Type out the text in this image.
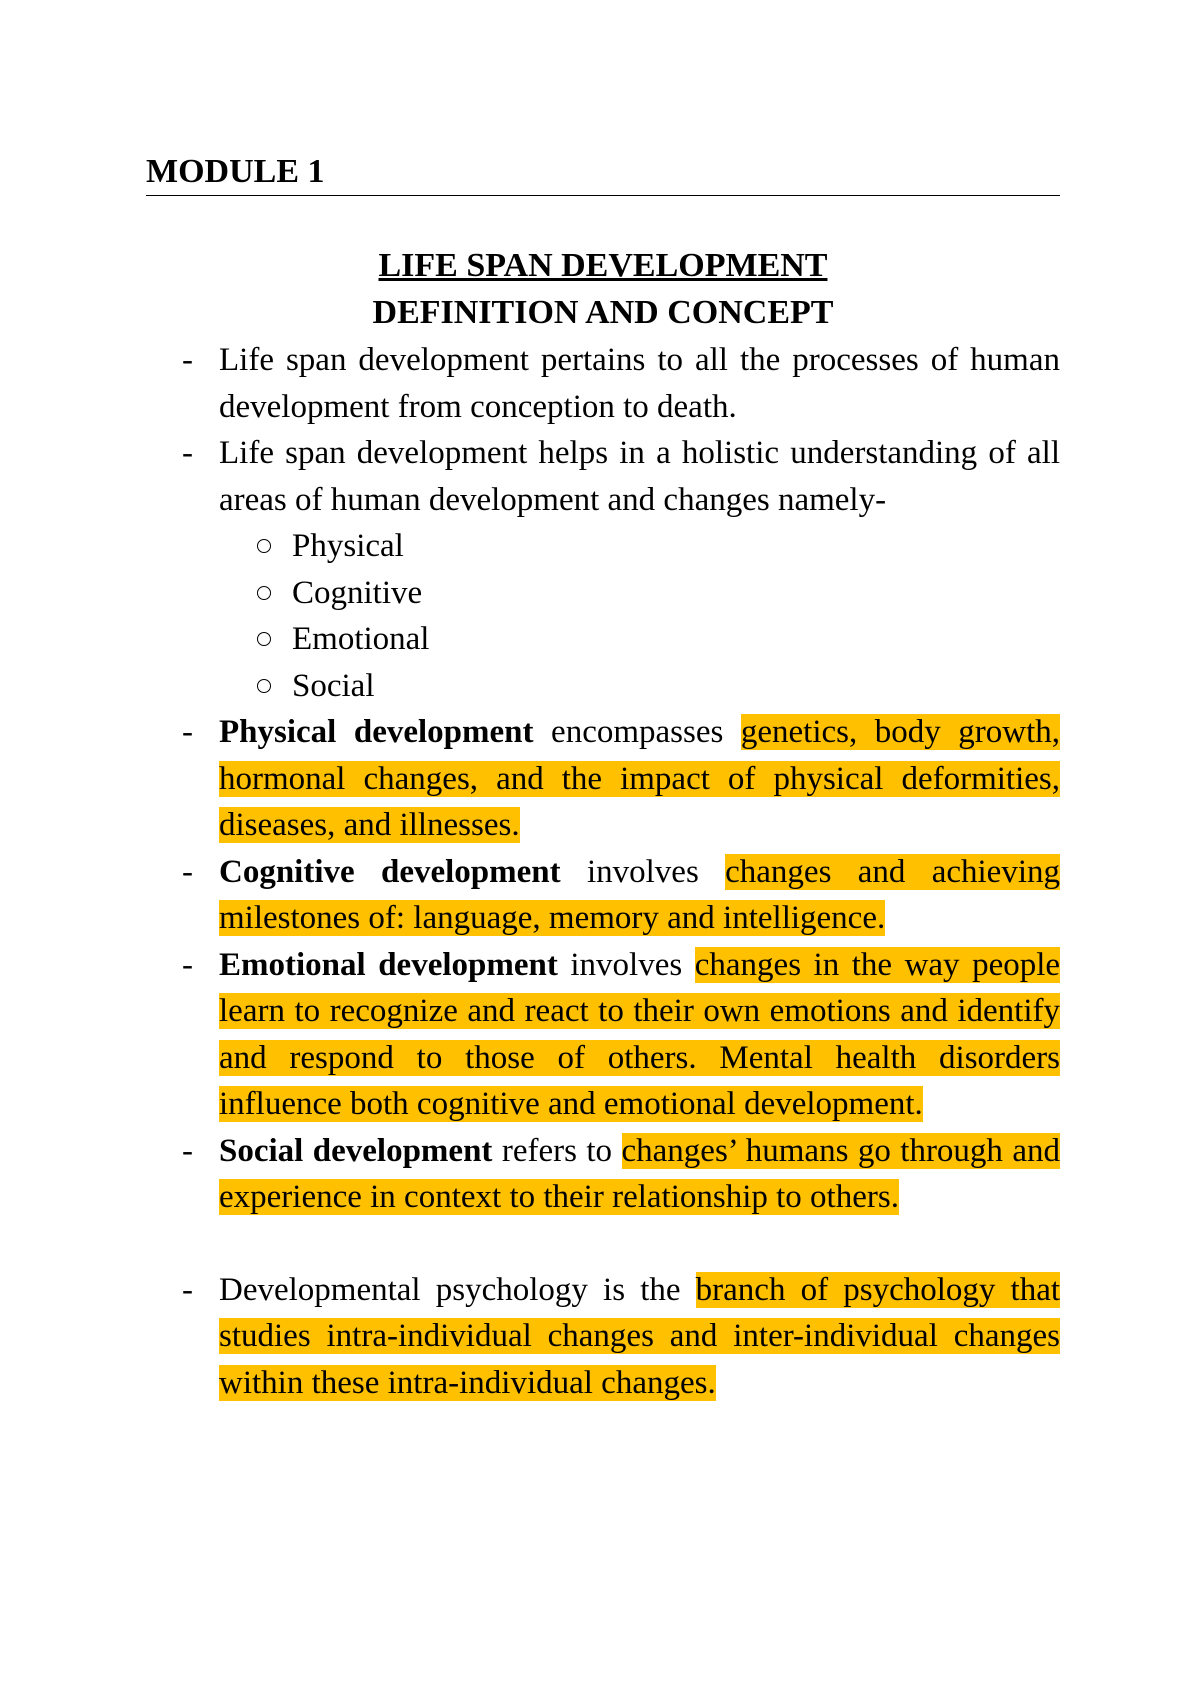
MODULE 1
LIFE SPAN DEVELOPMENT
DEFINITION AND CONCEPT
- Life span development pertains to all the processes of human development from conception to death.
- Life span development helps in a holistic understanding of all areas of human development and changes namely-
Physical
Cognitive
Emotional
Social
- Physical development encompasses genetics, body growth, hormonal changes, and the impact of physical deformities, diseases, and illnesses.
- Cognitive development involves changes and achieving milestones of: language, memory and intelligence.
- Emotional development involves changes in the way people learn to recognize and react to their own emotions and identify and respond to those of others. Mental health disorders influence both cognitive and emotional development.
- Social development refers to changes’ humans go through and experience in context to their relationship to others.
- Developmental psychology is the branch of psychology that studies intra-individual changes and inter-individual changes within these intra-individual changes.
